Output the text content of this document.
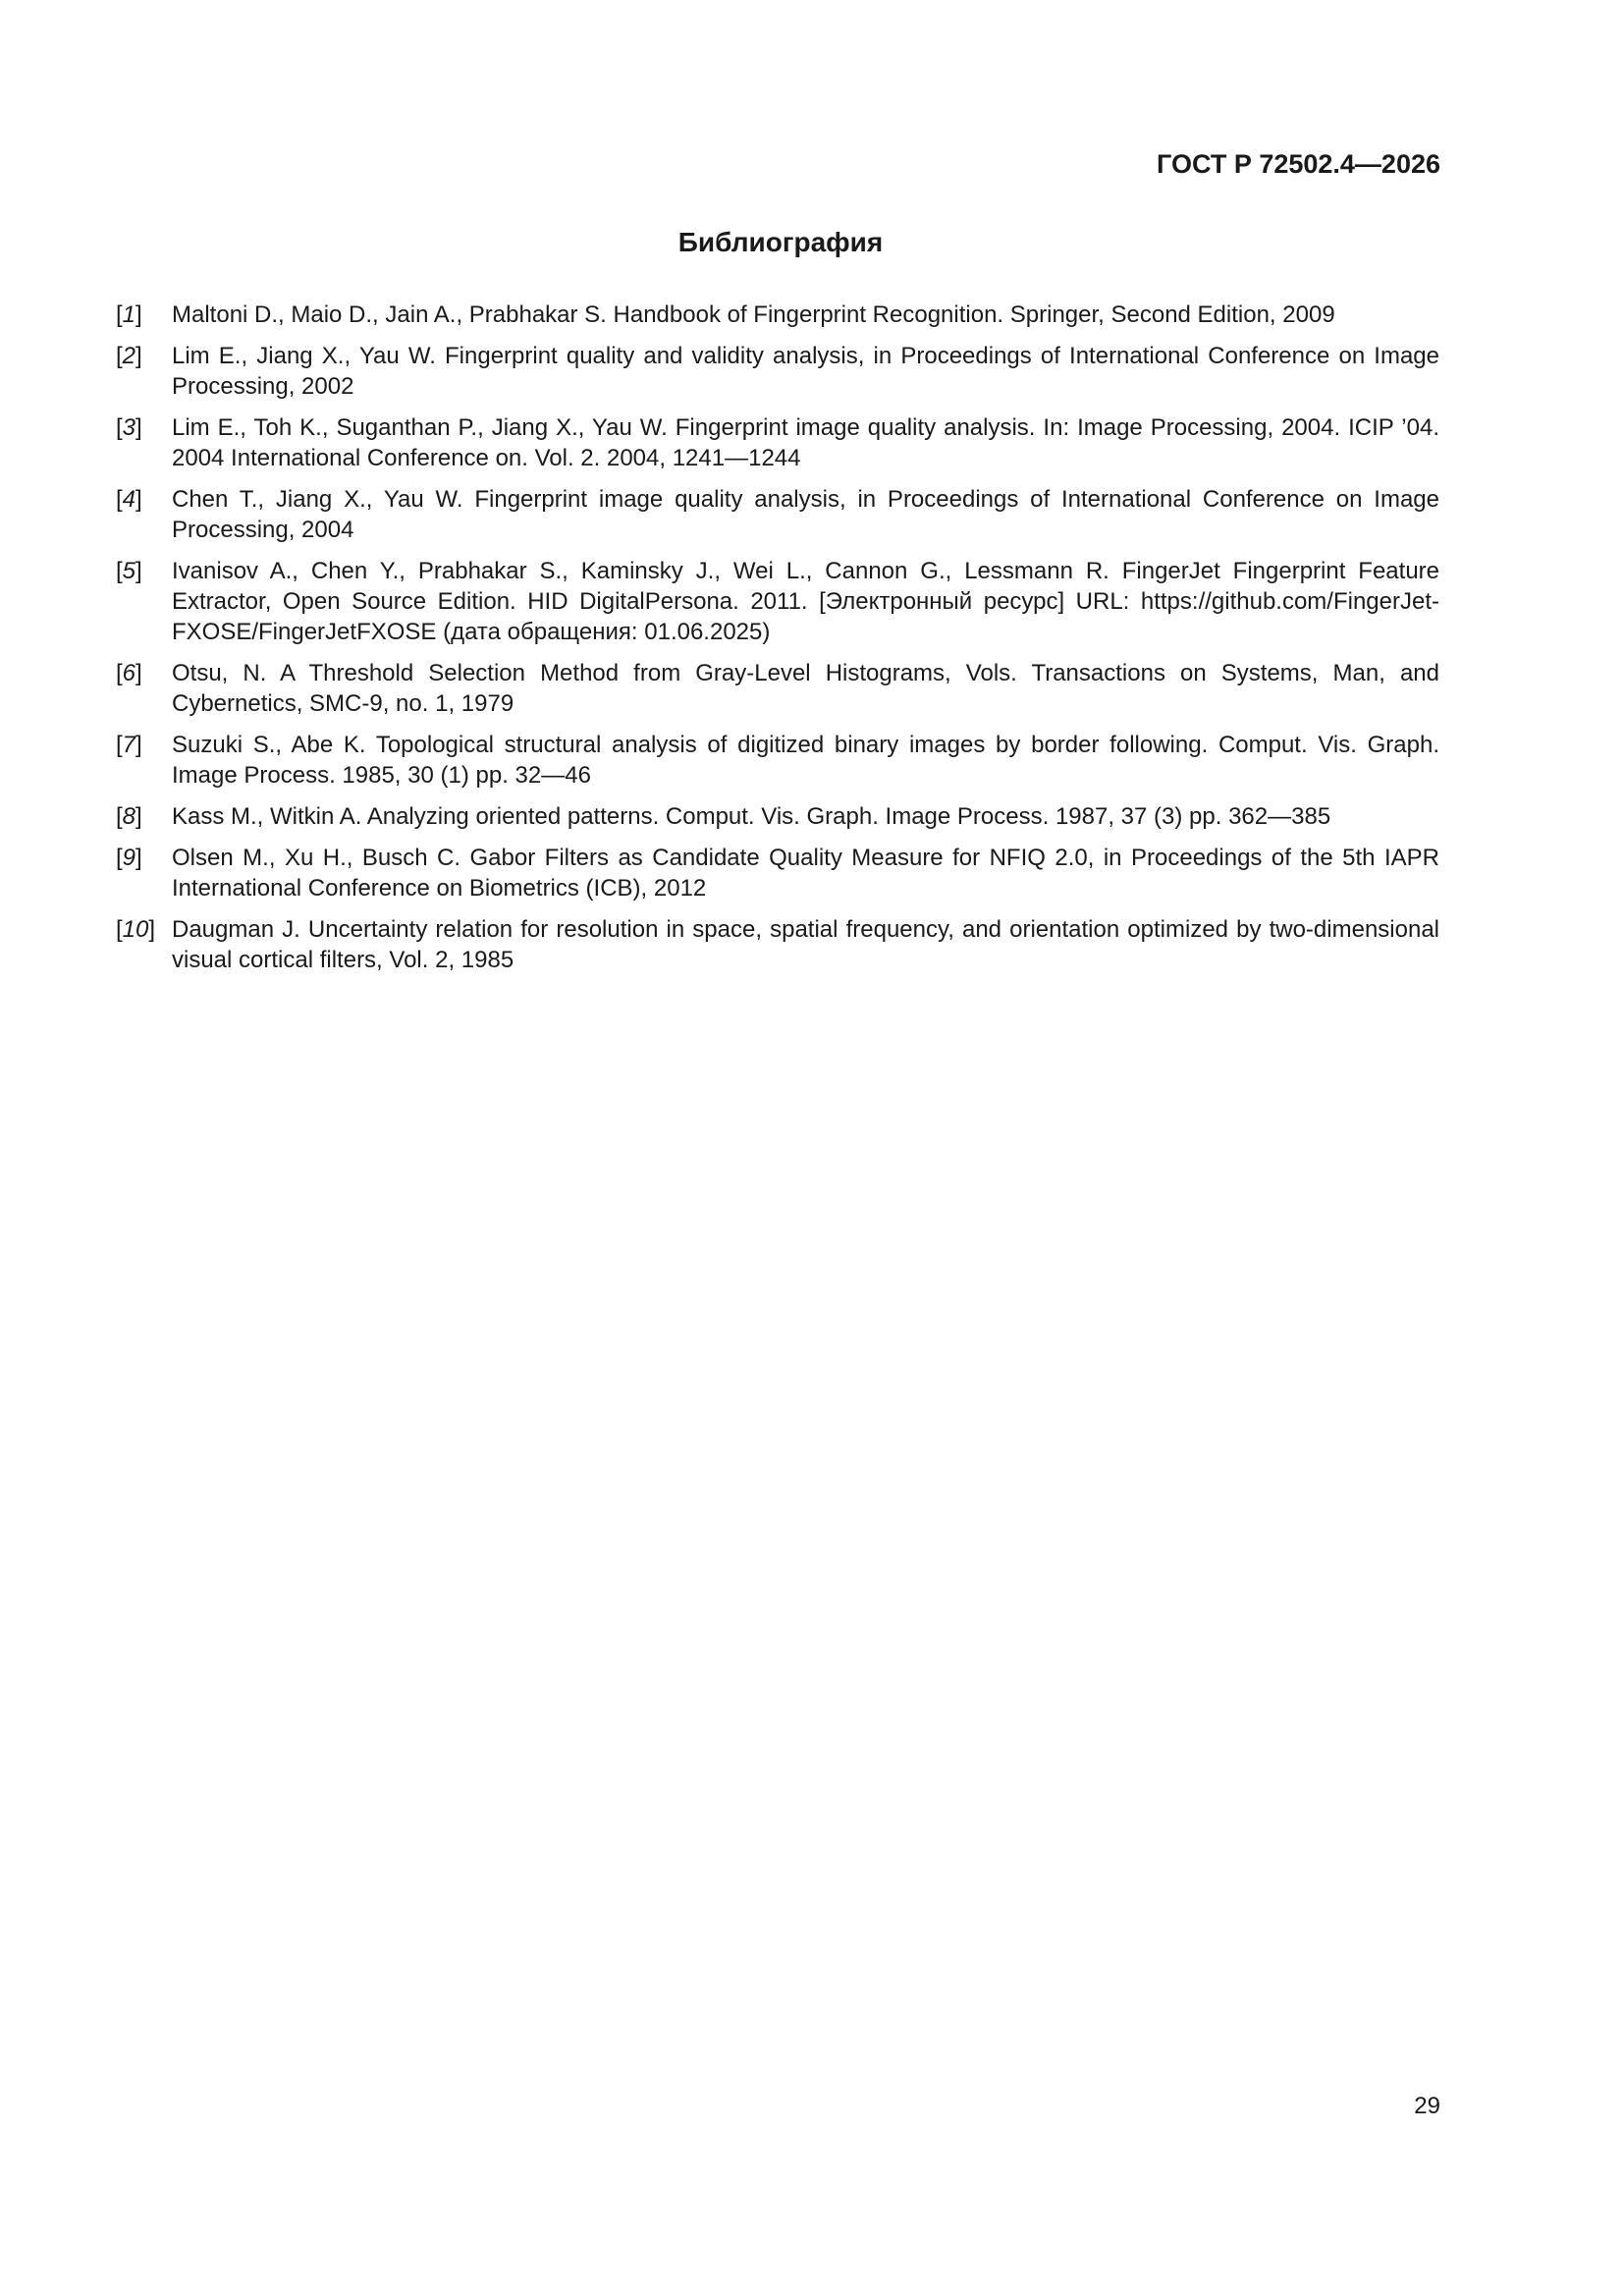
ГОСТ Р 72502.4—2026

Библиография
[1] Maltoni D., Maio D., Jain A., Prabhakar S. Handbook of Fingerprint Recognition. Springer, Second Edition, 2009
[2] Lim E., Jiang X., Yau W. Fingerprint quality and validity analysis, in Proceedings of International Conference on Image Processing, 2002
[3] Lim E., Toh K., Suganthan P., Jiang X., Yau W. Fingerprint image quality analysis. In: Image Processing, 2004. ICIP ’04. 2004 International Conference on. Vol. 2. 2004, 1241—1244
[4] Chen T., Jiang X., Yau W. Fingerprint image quality analysis, in Proceedings of International Conference on Image Processing, 2004
[5] Ivanisov A., Chen Y., Prabhakar S., Kaminsky J., Wei L., Cannon G., Lessmann R. FingerJet Fingerprint Feature Extractor, Open Source Edition. HID DigitalPersona. 2011. [Электронный ресурс] URL: https://github.com/FingerJet-FXOSE/FingerJetFXOSE (дата обращения: 01.06.2025)
[6] Otsu, N. A Threshold Selection Method from Gray-Level Histograms, Vols. Transactions on Systems, Man, and Cybernetics, SMC-9, no. 1, 1979
[7] Suzuki S., Abe K. Topological structural analysis of digitized binary images by border following. Comput. Vis. Graph. Image Process. 1985, 30 (1) pp. 32—46
[8] Kass M., Witkin A. Analyzing oriented patterns. Comput. Vis. Graph. Image Process. 1987, 37 (3) pp. 362—385
[9] Olsen M., Xu H., Busch C. Gabor Filters as Candidate Quality Measure for NFIQ 2.0, in Proceedings of the 5th IAPR International Conference on Biometrics (ICB), 2012
[10] Daugman J. Uncertainty relation for resolution in space, spatial frequency, and orientation optimized by two-dimensional visual cortical filters, Vol. 2, 1985

29
